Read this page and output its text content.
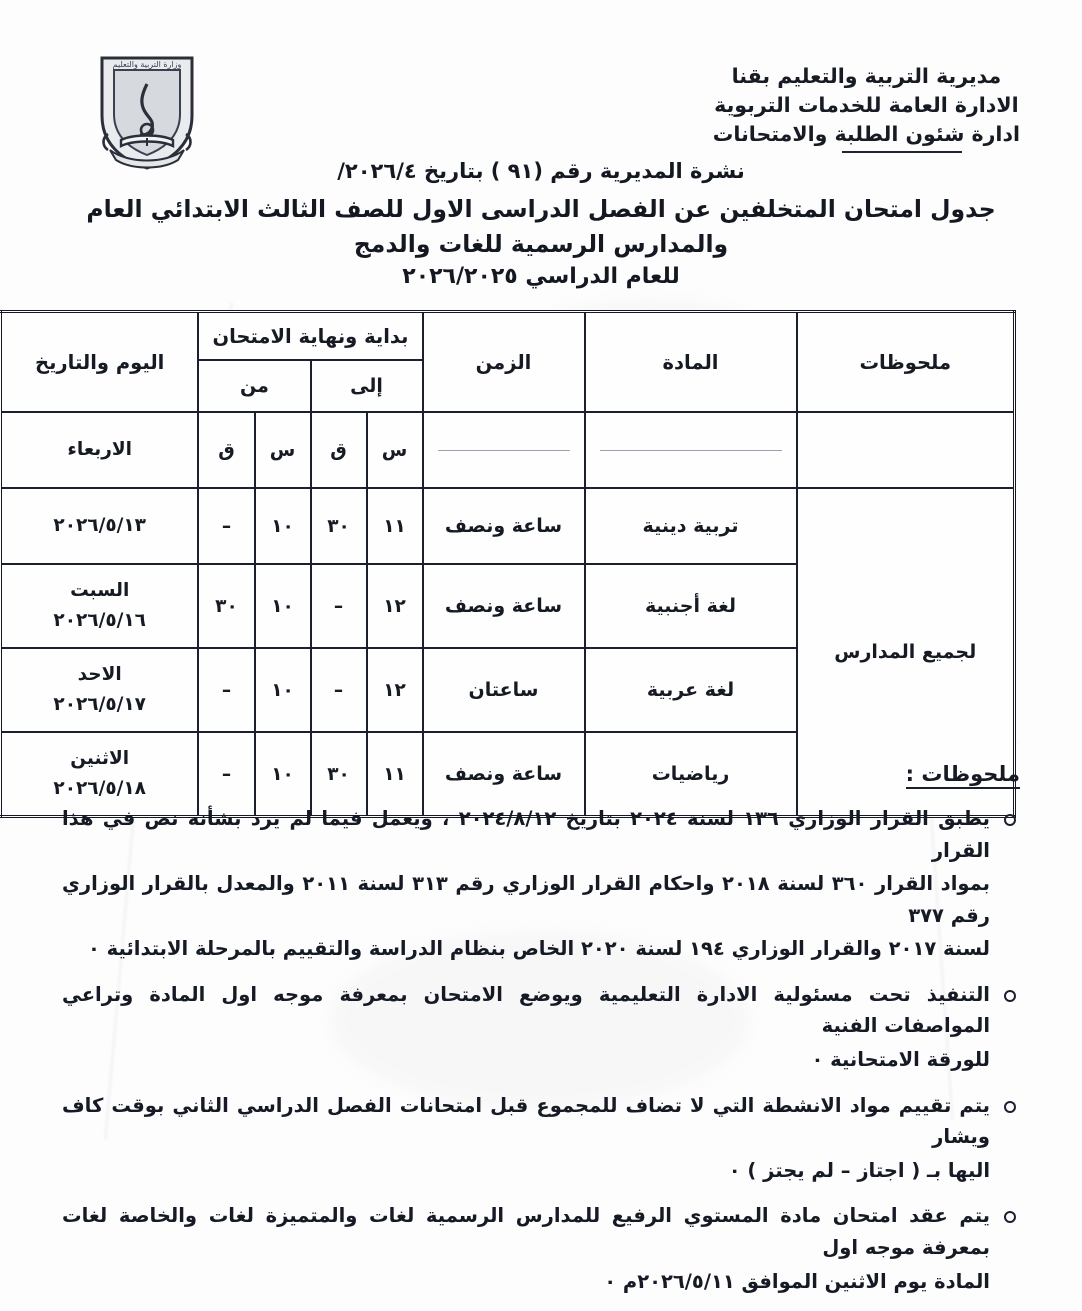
وزارة التربية والتعليم	مديرية التربية والتعليم بقنا
الادارة العامة للخدمات التربوية
ادارة شئون الطلبة والامتحانات
نشرة المديرية رقم (٩١ ) بتاريخ ٢٠٢٦/٤/
جدول امتحان المتخلفين عن الفصل الدراسى الاول للصف الثالث الابتدائي العام
والمدارس الرسمية للغات والدمج
للعام الدراسي ٢٠٢٦/٢٠٢٥
ملحوظات	المادة	الزمن	بداية ونهاية الامتحان				اليوم والتاريخ
			إلى		من		

	س	ق	س	ق	الاربعاء
لجميع المدارس	تربية دينية	ساعة ونصف	١١	٣٠	١٠	–	٢٠٢٦/٥/١٣
	لغة أجنبية	ساعة ونصف	١٢	–	١٠	٣٠	السبت
٢٠٢٦/٥/١٦

	لغة عربية	ساعتان	١٢	–	١٠	–	الاحد
٢٠٢٦/٥/١٧

	رياضيات	ساعة ونصف	١١	٣٠	١٠	–	الاثنين
٢٠٢٦/٥/١٨
ملحوظات :

يطبق القرار الوزاري ١٣٦ لسنة ٢٠٢٤ بتاريخ ٢٠٢٤/٨/١٢ ، ويعمل فيما لم يرد بشأنه نص في هذا القرار

بمواد القرار ٣٦٠ لسنة ٢٠١٨ واحكام القرار الوزاري رقم ٣١٣ لسنة ٢٠١١ والمعدل بالقرار الوزاري رقم ٣٧٧

لسنة ٢٠١٧ والقرار الوزاري ١٩٤ لسنة ٢٠٢٠ الخاص بنظام الدراسة والتقييم بالمرحلة الابتدائية ٠

التنفيذ تحت مسئولية الادارة التعليمية ويوضع الامتحان بمعرفة موجه اول المادة وتراعي المواصفات الفنية

للورقة الامتحانية ٠

يتم تقييم مواد الانشطة التي لا تضاف للمجموع قبل امتحانات الفصل الدراسي الثاني بوقت كاف ويشار

اليها بـ ( اجتاز – لم يجتز ) ٠

يتم عقد امتحان مادة المستوي الرفيع للمدارس الرسمية لغات والمتميزة لغات والخاصة لغات بمعرفة موجه اول

المادة يوم الاثنين الموافق ٢٠٢٦/٥/١١م ٠
